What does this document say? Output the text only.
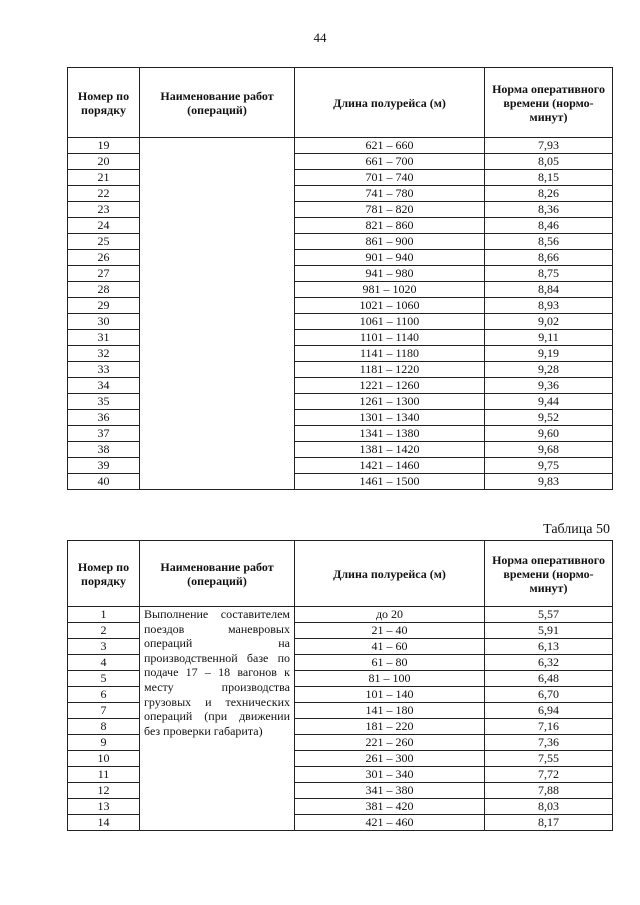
44
Номер по порядку	Наименование работ (операций)	Длина полурейса (м)	Норма оперативного времени (нормо-минут)
19		621 – 660	7,93
20		661 – 700	8,05
21		701 – 740	8,15
22		741 – 780	8,26
23		781 – 820	8,36
24		821 – 860	8,46
25		861 – 900	8,56
26		901 – 940	8,66
27		941 – 980	8,75
28		981 – 1020	8,84
29		1021 – 1060	8,93
30		1061 – 1100	9,02
31		1101 – 1140	9,11
32		1141 – 1180	9,19
33		1181 – 1220	9,28
34		1221 – 1260	9,36
35		1261 – 1300	9,44
36		1301 – 1340	9,52
37		1341 – 1380	9,60
38		1381 – 1420	9,68
39		1421 – 1460	9,75
40		1461 – 1500	9,83
Таблица 50
Номер по порядку	Наименование работ (операций)	Длина полурейса (м)	Норма оперативного времени (нормо-минут)
1	Выполнение составителем поездов маневровых операций на производственной базе по подаче 17 – 18 вагонов к месту производства грузовых и технических операций (при движении без проверки габарита)	до 20	5,57
2		21 – 40	5,91
3		41 – 60	6,13
4		61 – 80	6,32
5		81 – 100	6,48
6		101 – 140	6,70
7		141 – 180	6,94
8		181 – 220	7,16
9		221 – 260	7,36
10		261 – 300	7,55
11		301 – 340	7,72
12		341 – 380	7,88
13		381 – 420	8,03
14		421 – 460	8,17
